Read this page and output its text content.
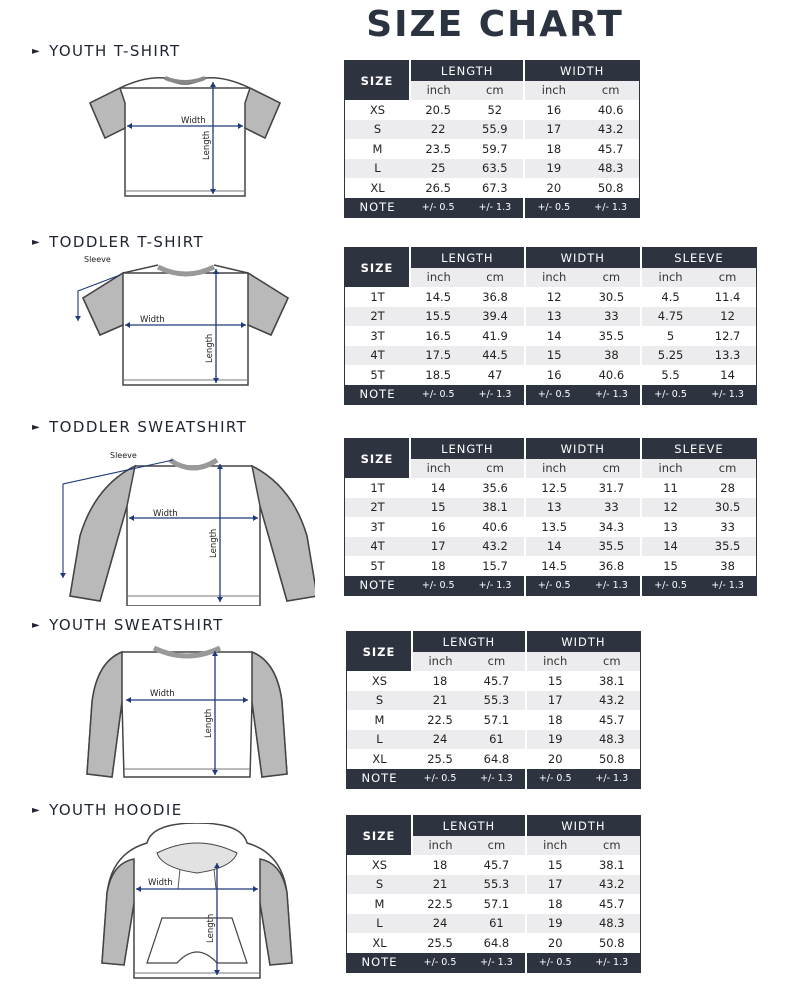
SIZE CHART
► YOUTH T-SHIRT
Width
Length
SIZE	LENGTH		WIDTH	
	inch	cm	inch	cm
XS	20.5	52	16	40.6
S	22	55.9	17	43.2
M	23.5	59.7	18	45.7
L	25	63.5	19	48.3
XL	26.5	67.3	20	50.8
NOTE	+/- 0.5	+/- 1.3	+/- 0.5	+/- 1.3
► TODDLER T-SHIRT
Sleeve
Width
Length
SIZE	LENGTH		WIDTH		SLEEVE	
	inch	cm	inch	cm	inch	cm
1T	14.5	36.8	12	30.5	4.5	11.4
2T	15.5	39.4	13	33	4.75	12
3T	16.5	41.9	14	35.5	5	12.7
4T	17.5	44.5	15	38	5.25	13.3
5T	18.5	47	16	40.6	5.5	14
NOTE	+/- 0.5	+/- 1.3	+/- 0.5	+/- 1.3	+/- 0.5	+/- 1.3
► TODDLER SWEATSHIRT
Sleeve
Width
Length
SIZE	LENGTH		WIDTH		SLEEVE	
	inch	cm	inch	cm	inch	cm
1T	14	35.6	12.5	31.7	11	28
2T	15	38.1	13	33	12	30.5
3T	16	40.6	13.5	34.3	13	33
4T	17	43.2	14	35.5	14	35.5
5T	18	15.7	14.5	36.8	15	38
NOTE	+/- 0.5	+/- 1.3	+/- 0.5	+/- 1.3	+/- 0.5	+/- 1.3
► YOUTH SWEATSHIRT
Width
Length
SIZE	LENGTH		WIDTH	
	inch	cm	inch	cm
XS	18	45.7	15	38.1
S	21	55.3	17	43.2
M	22.5	57.1	18	45.7
L	24	61	19	48.3
XL	25.5	64.8	20	50.8
NOTE	+/- 0.5	+/- 1.3	+/- 0.5	+/- 1.3
► YOUTH HOODIE
Width
Length
SIZE	LENGTH		WIDTH	
	inch	cm	inch	cm
XS	18	45.7	15	38.1
S	21	55.3	17	43.2
M	22.5	57.1	18	45.7
L	24	61	19	48.3
XL	25.5	64.8	20	50.8
NOTE	+/- 0.5	+/- 1.3	+/- 0.5	+/- 1.3
